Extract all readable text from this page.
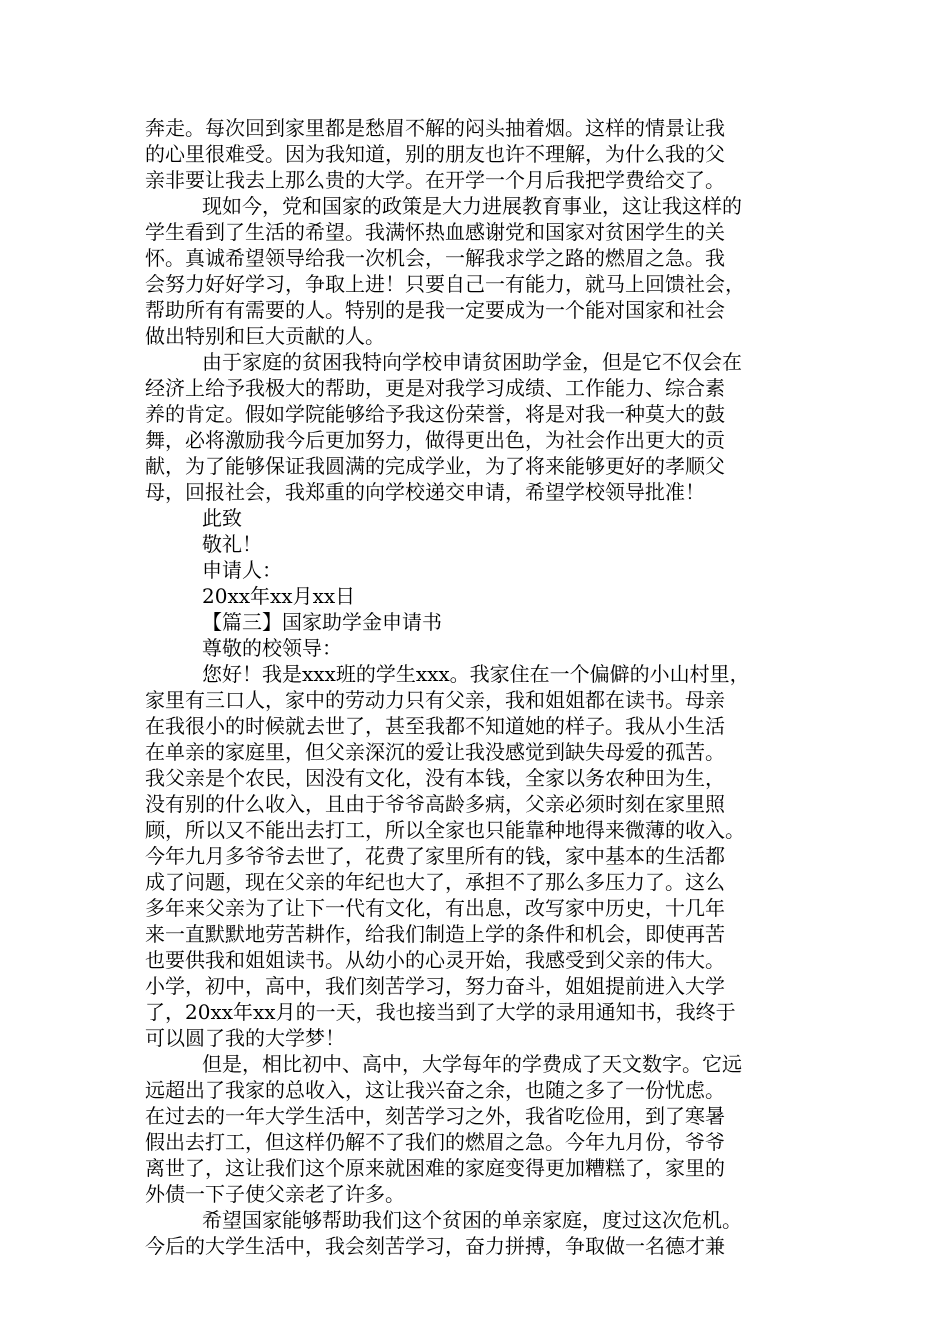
奔走。每次回到家里都是愁眉不解的闷头抽着烟。这样的情景让我
的心里很难受。因为我知道，别的朋友也许不理解，为什么我的父
亲非要让我去上那么贵的大学。在开学一个月后我把学费给交了。
现如今，党和国家的政策是大力进展教育事业，这让我这样的
学生看到了生活的希望。我满怀热血感谢党和国家对贫困学生的关
怀。真诚希望领导给我一次机会，一解我求学之路的燃眉之急。我
会努力好好学习，争取上进！只要自己一有能力，就马上回馈社会，
帮助所有有需要的人。特别的是我一定要成为一个能对国家和社会
做出特别和巨大贡献的人。
由于家庭的贫困我特向学校申请贫困助学金，但是它不仅会在
经济上给予我极大的帮助，更是对我学习成绩、工作能力、综合素
养的肯定。假如学院能够给予我这份荣誉，将是对我一种莫大的鼓
舞，必将激励我今后更加努力，做得更出色，为社会作出更大的贡
献，为了能够保证我圆满的完成学业，为了将来能够更好的孝顺父
母，回报社会，我郑重的向学校递交申请，希望学校领导批准！
此致
敬礼！
申请人：
20xx年xx月xx日
【篇三】国家助学金申请书
尊敬的校领导：
您好！我是xxx班的学生xxx。我家住在一个偏僻的小山村里，
家里有三口人，家中的劳动力只有父亲，我和姐姐都在读书。母亲
在我很小的时候就去世了，甚至我都不知道她的样子。我从小生活
在单亲的家庭里，但父亲深沉的爱让我没感觉到缺失母爱的孤苦。
我父亲是个农民，因没有文化，没有本钱，全家以务农种田为生，
没有别的什么收入，且由于爷爷高龄多病，父亲必须时刻在家里照
顾，所以又不能出去打工，所以全家也只能靠种地得来微薄的收入。
今年九月多爷爷去世了，花费了家里所有的钱，家中基本的生活都
成了问题，现在父亲的年纪也大了，承担不了那么多压力了。这么
多年来父亲为了让下一代有文化，有出息，改写家中历史，十几年
来一直默默地劳苦耕作，给我们制造上学的条件和机会，即使再苦
也要供我和姐姐读书。从幼小的心灵开始，我感受到父亲的伟大。
小学，初中，高中，我们刻苦学习，努力奋斗，姐姐提前进入大学
了，20xx年xx月的一天，我也接当到了大学的录用通知书，我终于
可以圆了我的大学梦！
但是，相比初中、高中，大学每年的学费成了天文数字。它远
远超出了我家的总收入，这让我兴奋之余，也随之多了一份忧虑。
在过去的一年大学生活中，刻苦学习之外，我省吃俭用，到了寒暑
假出去打工，但这样仍解不了我们的燃眉之急。今年九月份，爷爷
离世了，这让我们这个原来就困难的家庭变得更加糟糕了，家里的
外债一下子使父亲老了许多。
希望国家能够帮助我们这个贫困的单亲家庭，度过这次危机。
今后的大学生活中，我会刻苦学习，奋力拼搏，争取做一名德才兼
